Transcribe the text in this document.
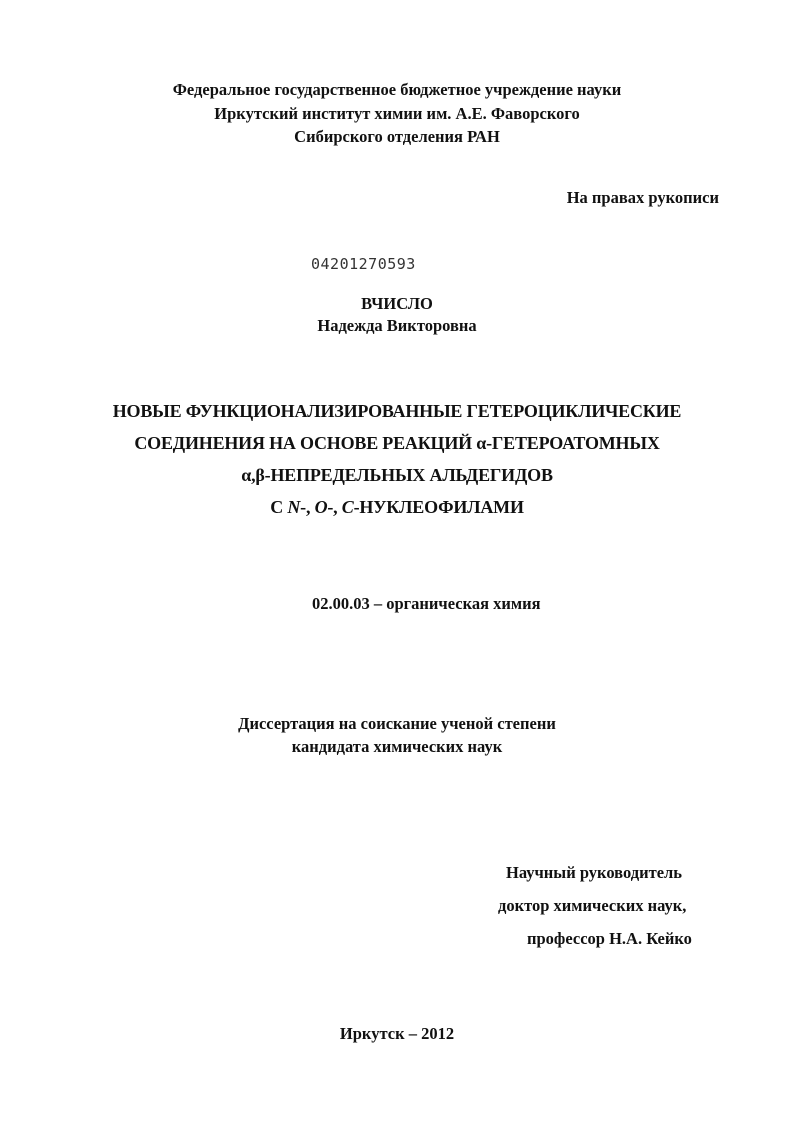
Федеральное государственное бюджетное учреждение науки
Иркутский институт химии им. А.Е. Фаворского
Сибирского отделения РАН
На правах рукописи
04201270593
ВЧИСЛО
Надежда Викторовна
НОВЫЕ ФУНКЦИОНАЛИЗИРОВАННЫЕ ГЕТЕРОЦИКЛИЧЕСКИЕ
СОЕДИНЕНИЯ НА ОСНОВЕ РЕАКЦИЙ α-ГЕТЕРОАТОМНЫХ
α,β-НЕПРЕДЕЛЬНЫХ АЛЬДЕГИДОВ
С N-, O-, C-НУКЛЕОФИЛАМИ
02.00.03 – органическая химия
Диссертация на соискание ученой степени
кандидата химических наук
Научный руководитель
доктор химических наук,
профессор Н.А. Кейко
Иркутск – 2012
